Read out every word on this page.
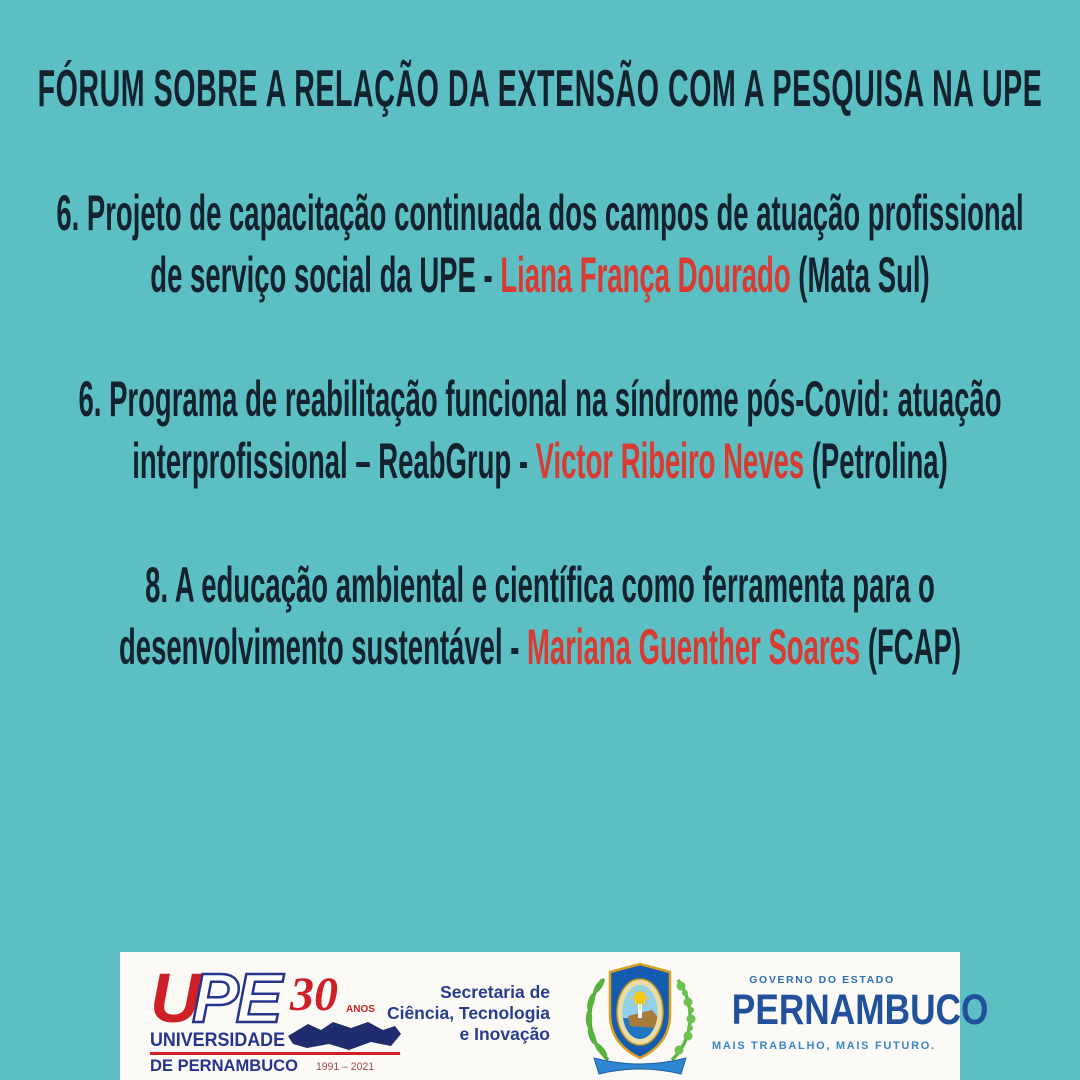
FÓRUM SOBRE A RELAÇÃO DA EXTENSÃO COM A PESQUISA NA UPE
6. Projeto de capacitação continuada dos campos de atuação profissional
de serviço social da UPE - Liana França Dourado (Mata Sul)
6. Programa de reabilitação funcional na síndrome pós-Covid: atuação
interprofissional – ReabGrup - Victor Ribeiro Neves (Petrolina)
8. A educação ambiental e científica como ferramenta para o
desenvolvimento sustentável - Mariana Guenther Soares (FCAP)
U
PE 30 ANOS
UNIVERSIDADE
DE PERNAMBUCO 1991 – 2021
Secretaria de
Ciência, Tecnologia
e Inovação
GOVERNO DO ESTADO
PERNAMBUCO
MAIS TRABALHO, MAIS FUTURO.
